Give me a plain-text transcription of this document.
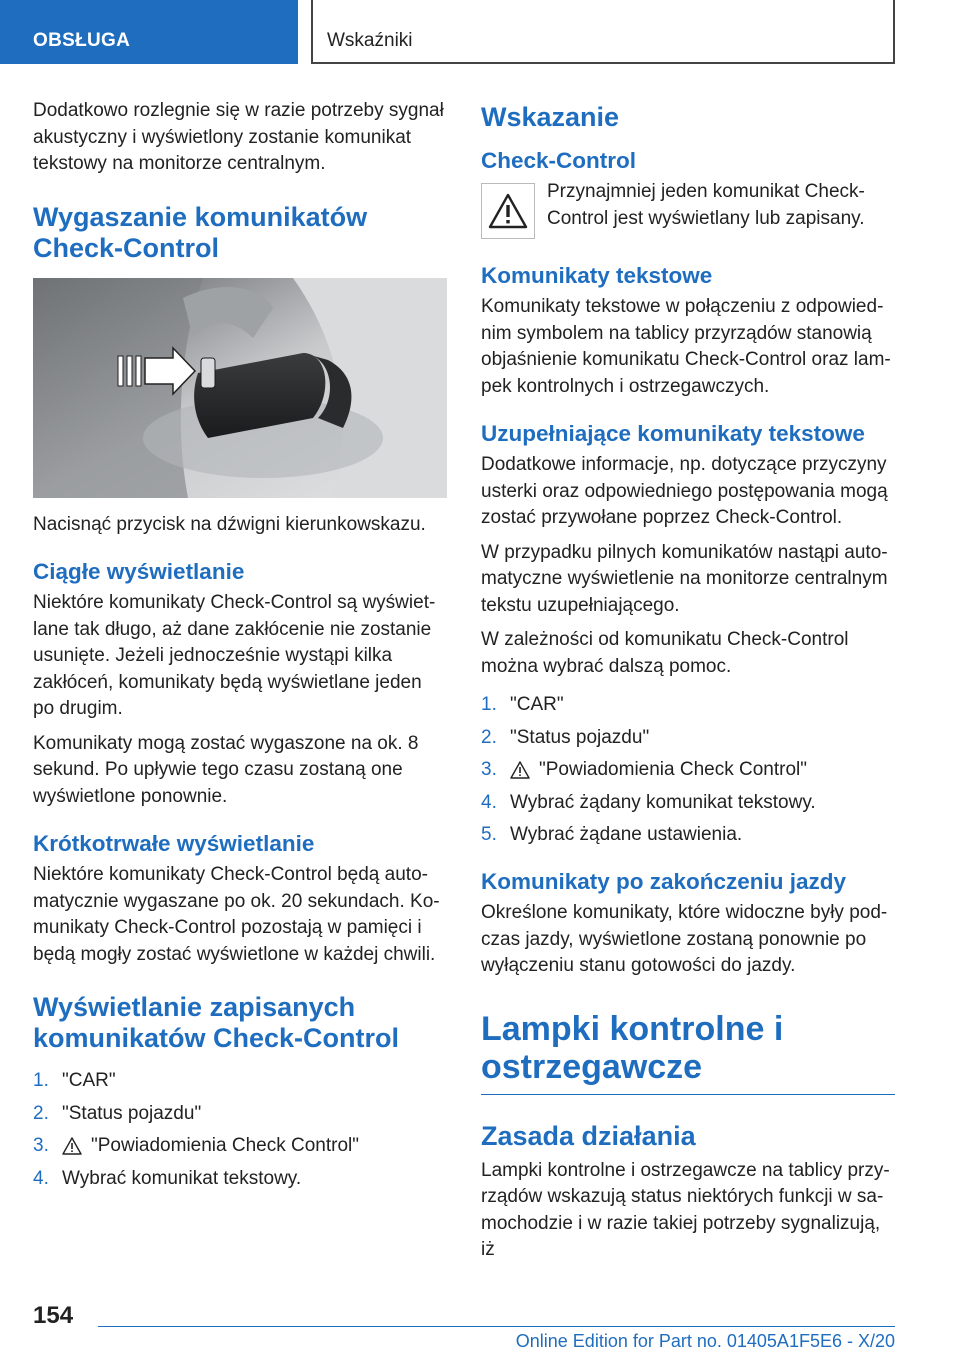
OBSŁUGA	Wskaźniki

Dodatkowo rozlegnie się w razie potrzeby sygnał akustyczny i wyświetlony zostanie komunikat tekstowy na monitorze centralnym.

Wygaszanie komunikatów Check-Control

Nacisnąć przycisk na dźwigni kierunkowskazu.

Ciągłe wyświetlanie

Niektóre komunikaty Check-Control są wyświetlane tak długo, aż dane zakłócenie nie zostanie usunięte. Jeżeli jednocześnie wystąpi kilka zakłóceń, komunikaty będą wyświetlane jeden po drugim.

Komunikaty mogą zostać wygaszone na ok. 8 sekund. Po upływie tego czasu zostaną one wyświetlone ponownie.

Krótkotrwałe wyświetlanie

Niektóre komunikaty Check-Control będą automatycznie wygaszane po ok. 20 sekundach. Komunikaty Check-Control pozostają w pamięci i będą mogły zostać wyświetlone w każdej chwili.

Wyświetlanie zapisanych komunikatów Check-Control
1. "CAR"
2. "Status pojazdu"
3.	"Powiadomienia Check Control"
4. Wybrać komunikat tekstowy.
Wskazanie
Check-Control

Przynajmniej jeden komunikat Check-Control jest wyświetlany lub zapisany.

Komunikaty tekstowe

Komunikaty tekstowe w połączeniu z odpowiednim symbolem na tablicy przyrządów stanowią objaśnienie komunikatu Check-Control oraz lampek kontrolnych i ostrzegawczych.

Uzupełniające komunikaty tekstowe

Dodatkowe informacje, np. dotyczące przyczyny usterki oraz odpowiedniego postępowania mogą zostać przywołane poprzez Check-Control.

W przypadku pilnych komunikatów nastąpi automatyczne wyświetlenie na monitorze centralnym tekstu uzupełniającego.

W zależności od komunikatu Check-Control można wybrać dalszą pomoc.

1. "CAR"
2. "Status pojazdu"
3.	"Powiadomienia Check Control"
4. Wybrać żądany komunikat tekstowy.
5. Wybrać żądane ustawienia.
Komunikaty po zakończeniu jazdy

Określone komunikaty, które widoczne były podczas jazdy, wyświetlone zostaną ponownie po wyłączeniu stanu gotowości do jazdy.

Lampki kontrolne i ostrzegawcze
Zasada działania

Lampki kontrolne i ostrzegawcze na tablicy przyrządów wskazują status niektórych funkcji w samochodzie i w razie takiej potrzeby sygnalizują, iż

154
Online Edition for Part no. 01405A1F5E6 - X/20
